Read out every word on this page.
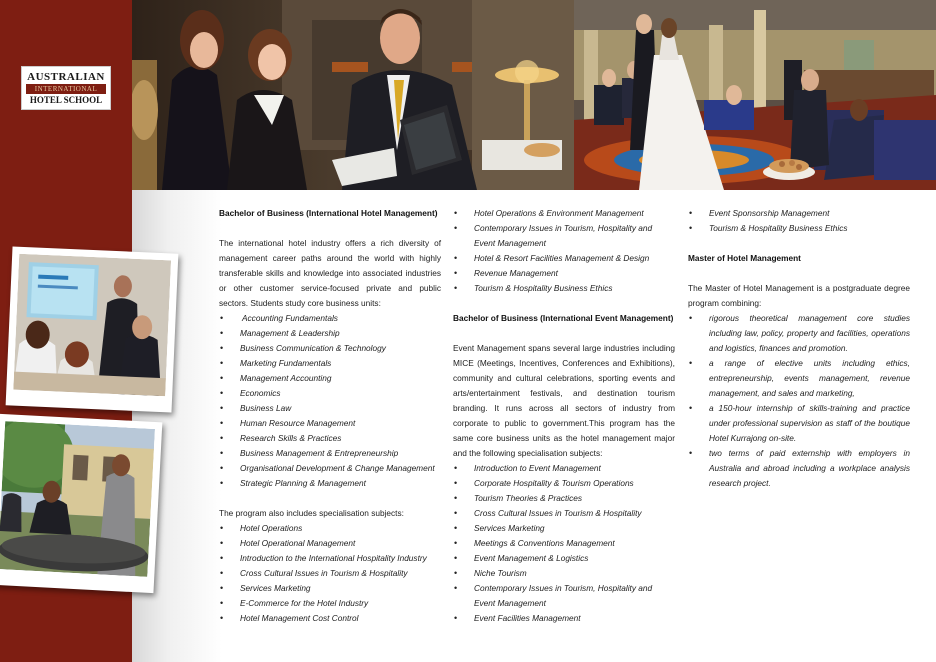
AUSTRALIAN
INTERNATIONAL
HOTEL SCHOOL
Bachelor of Business (International Hotel Management)
The international hotel industry offers a rich diversity of management career paths around the world with highly transferable skills and knowledge into associated industries or other customer service-focused private and public sectors. Students study core business units:
• Accounting Fundamentals
• Management & Leadership
• Business Communication & Technology
• Marketing Fundamentals
• Management Accounting
• Economics
• Business Law
• Human Resource Management
• Research Skills & Practices
• Business Management & Entrepreneurship
• Organisational Development & Change Management
• Strategic Planning & Management
The program also includes specialisation subjects:
• Hotel Operations
• Hotel Operational Management
• Introduction to the International Hospitality Industry
• Cross Cultural Issues in Tourism & Hospitality
• Services Marketing
• E-Commerce for the Hotel Industry
• Hotel Management Cost Control
• Hotel Operations & Environment Management
• Contemporary Issues in Tourism, Hospitality and Event Management
• Hotel & Resort Facilities Management & Design
• Revenue Management
• Tourism & Hospitality Business Ethics
Bachelor of Business (International Event Management)
Event Management spans several large industries including MICE (Meetings, Incentives, Conferences and Exhibitions), community and cultural celebrations, sporting events and arts/entertainment festivals, and destination tourism branding. It runs across all sectors of industry from corporate to public to government.This program has the same core business units as the hotel management major and the following specialisation subjects:
• Introduction to Event Management
• Corporate Hospitality & Tourism Operations
• Tourism Theories & Practices
• Cross Cultural Issues in Tourism & Hospitality
• Services Marketing
• Meetings & Conventions Management
• Event Management & Logistics
• Niche Tourism
• Contemporary Issues in Tourism, Hospitality and Event Management
• Event Facilities Management
• Event Sponsorship Management
• Tourism & Hospitality Business Ethics
Master of Hotel Management
The Master of Hotel Management is a postgraduate degree program combining:
• rigorous theoretical management core studies including law, policy, property and facilities, operations and logistics, finances and promotion.
• a range of elective units including ethics, entrepreneurship, events management, revenue management, and sales and marketing,
• a 150-hour internship of skills-training and practice under professional supervision as staff of the boutique Hotel Kurrajong on-site.
• two terms of paid externship with employers in Australia and abroad including a workplace analysis research project.
